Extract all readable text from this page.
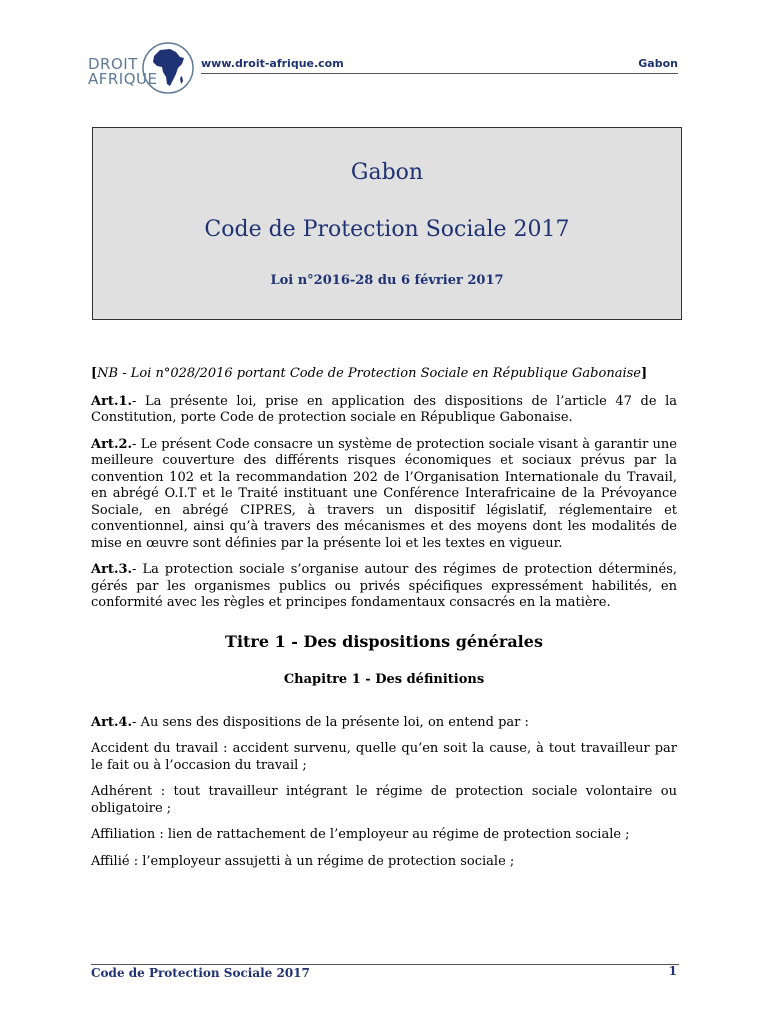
DROIT
AFRIQUE
www.droit-afrique.com	Gabon
Gabon
Code de Protection Sociale 2017
Loi n°2016-28 du 6 février 2017

[NB - Loi n°028/2016 portant Code de Protection Sociale en République Gabonaise]

Art.1.- La présente loi, prise en application des dispositions de l’article 47 de la Constitution, porte Code de protection sociale en République Gabonaise.

Art.2.- Le présent Code consacre un système de protection sociale visant à garantir une meilleure couverture des différents risques économiques et sociaux prévus par la convention 102 et la recommandation 202 de l’Organisation Internationale du Travail, en abrégé O.I.T et le Traité instituant une Conférence Interafricaine de la Prévoyance Sociale, en abrégé CIPRES, à travers un dispositif législatif, réglementaire et conventionnel, ainsi qu’à travers des mécanismes et des moyens dont les modalités de mise en œuvre sont définies par la présente loi et les textes en vigueur.

Art.3.- La protection sociale s’organise autour des régimes de protection déterminés, gérés par les organismes publics ou privés spécifiques expressément habilités, en conformité avec les règles et principes fondamentaux consacrés en la matière.

Titre 1 - Des dispositions générales

Chapitre 1 - Des définitions

Art.4.- Au sens des dispositions de la présente loi, on entend par :

Accident du travail : accident survenu, quelle qu’en soit la cause, à tout travailleur par le fait ou à l’occasion du travail ;

Adhérent : tout travailleur intégrant le régime de protection sociale volontaire ou obligatoire ;

Affiliation : lien de rattachement de l’employeur au régime de protection sociale ;

Affilié : l’employeur assujetti à un régime de protection sociale ;

Code de Protection Sociale 2017	1
